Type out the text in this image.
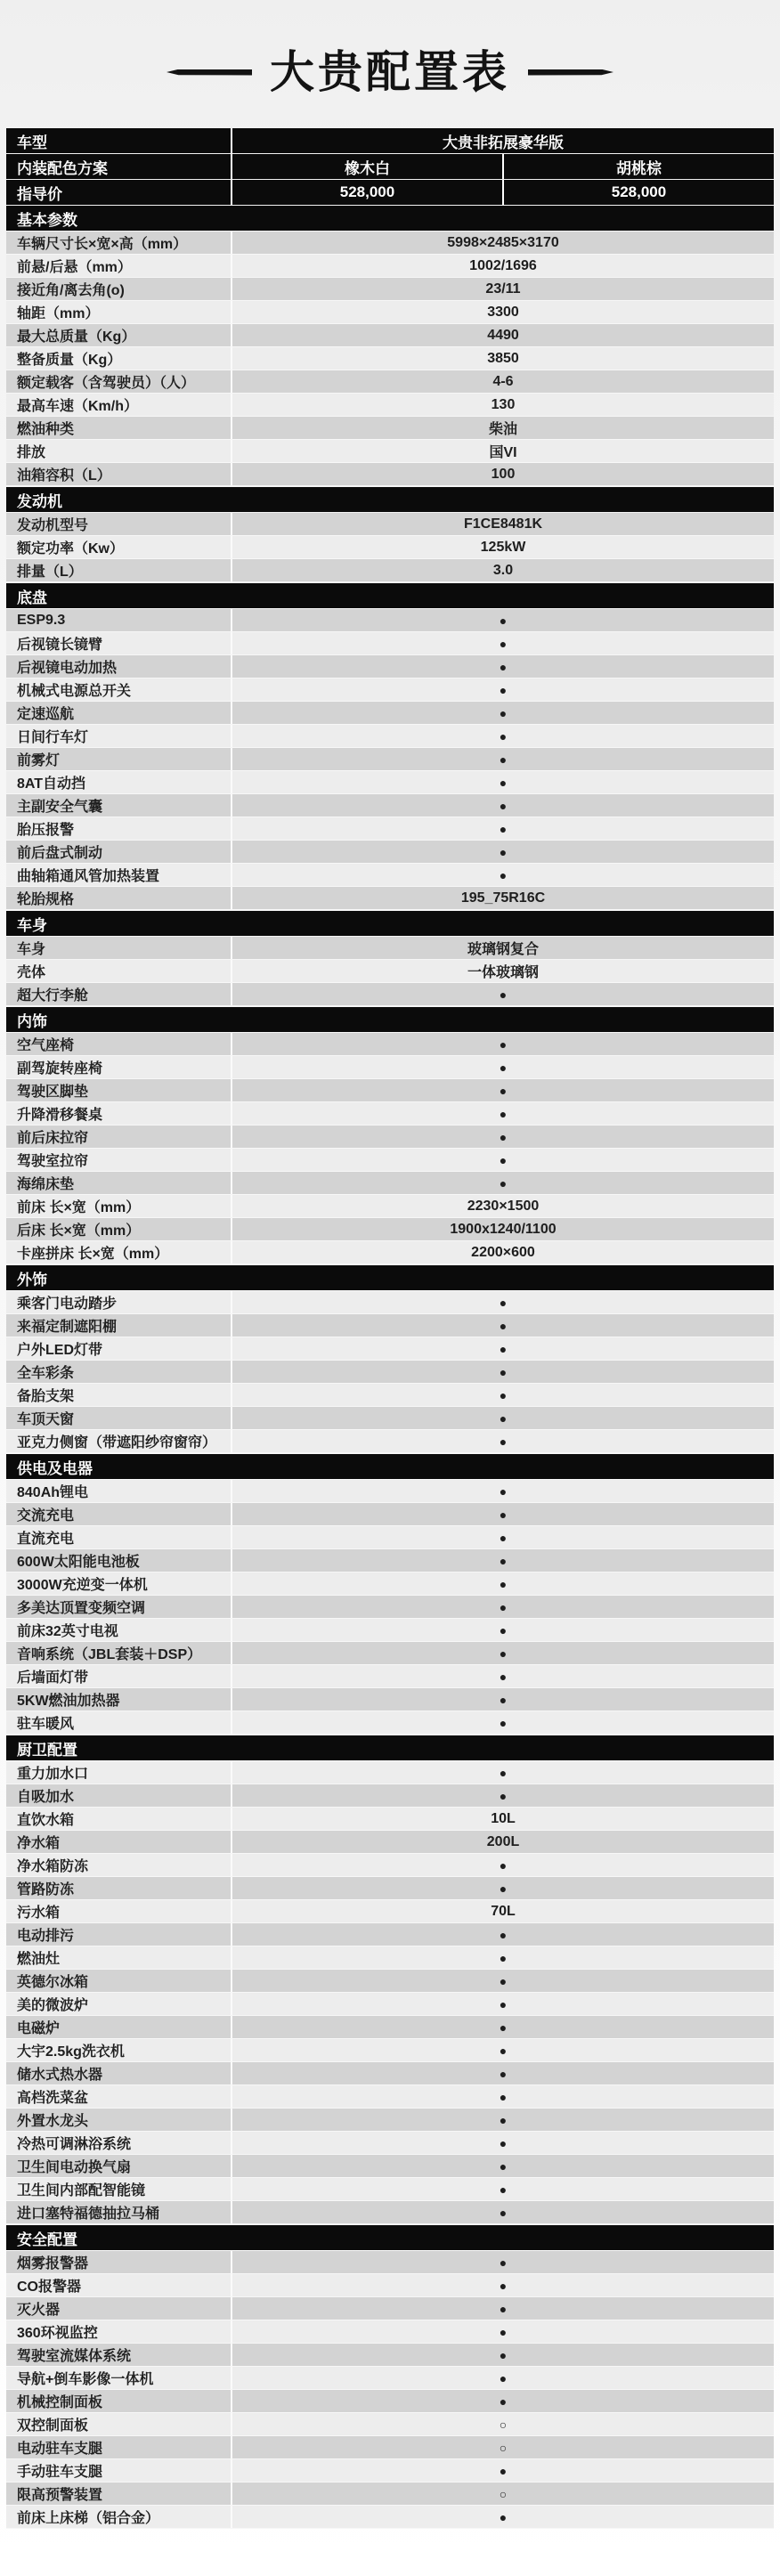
大贵配置表
车型	大贵非拓展豪华版
内装配色方案	橡木白	胡桃棕
指导价	528,000	528,000
基本参数
车辆尺寸长×宽×高（mm）	5998×2485×3170
前悬/后悬（mm）	1002/1696
接近角/离去角(o)	23/11
轴距（mm）	3300
最大总质量（Kg）	4490
整备质量（Kg）	3850
额定载客（含驾驶员）（人）	4-6
最高车速（Km/h）	130
燃油种类	柴油
排放	国VI
油箱容积（L）	100
发动机
发动机型号	F1CE8481K
额定功率（Kw）	125kW
排量（L）	3.0
底盘
ESP9.3	●
后视镜长镜臂	●
后视镜电动加热	●
机械式电源总开关	●
定速巡航	●
日间行车灯	●
前雾灯	●
8AT自动挡	●
主副安全气囊	●
胎压报警	●
前后盘式制动	●
曲轴箱通风管加热装置	●
轮胎规格	195_75R16C
车身
车身	玻璃钢复合
壳体	一体玻璃钢
超大行李舱	●
内饰
空气座椅	●
副驾旋转座椅	●
驾驶区脚垫	●
升降滑移餐桌	●
前后床拉帘	●
驾驶室拉帘	●
海绵床垫	●
前床 长×宽（mm）	2230×1500
后床 长×宽（mm）	1900x1240/1100
卡座拼床 长×宽（mm）	2200×600
外饰
乘客门电动踏步	●
来福定制遮阳棚	●
户外LED灯带	●
全车彩条	●
备胎支架	●
车顶天窗	●
亚克力侧窗（带遮阳纱帘窗帘）	●
供电及电器
840Ah锂电	●
交流充电	●
直流充电	●
600W太阳能电池板	●
3000W充逆变一体机	●
多美达顶置变频空调	●
前床32英寸电视	●
音响系统（JBL套装＋DSP）	●
后墙面灯带	●
5KW燃油加热器	●
驻车暖风	●
厨卫配置
重力加水口	●
自吸加水	●
直饮水箱	10L
净水箱	200L
净水箱防冻	●
管路防冻	●
污水箱	70L
电动排污	●
燃油灶	●
英德尔冰箱	●
美的微波炉	●
电磁炉	●
大宇2.5kg洗衣机	●
储水式热水器	●
高档洗菜盆	●
外置水龙头	●
冷热可调淋浴系统	●
卫生间电动换气扇	●
卫生间内部配智能镜	●
进口塞特福德抽拉马桶	●
安全配置
烟雾报警器	●
CO报警器	●
灭火器	●
360环视监控	●
驾驶室流媒体系统	●
导航+倒车影像一体机	●
机械控制面板	●
双控制面板	○
电动驻车支腿	○
手动驻车支腿	●
限高预警装置	○
前床上床梯（铝合金）	●
